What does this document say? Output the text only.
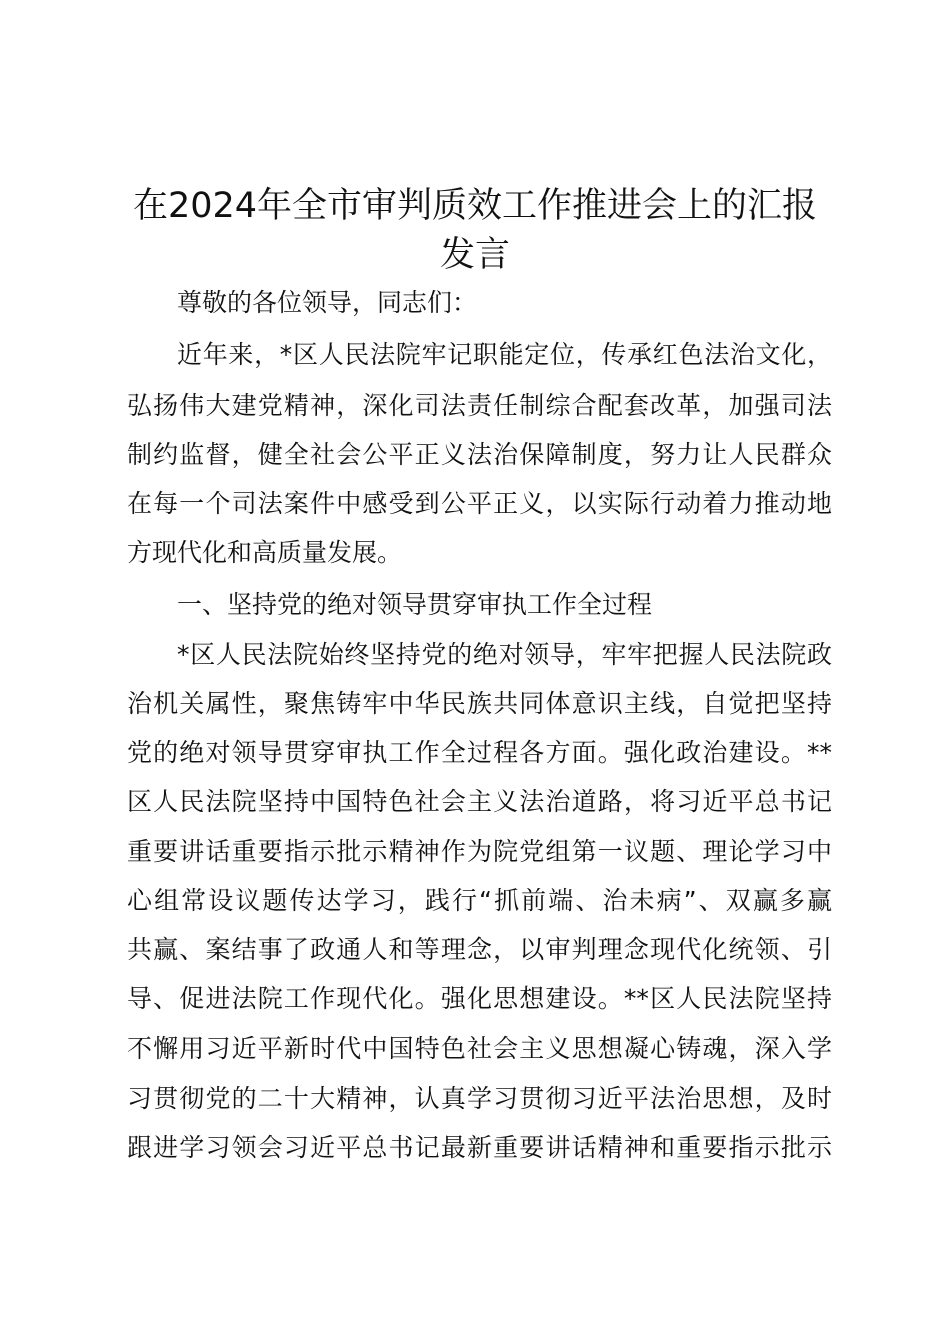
在2024年全市审判质效工作推进会上的汇报
发言

尊敬的各位领导，同志们：

近年来，*区人民法院牢记职能定位，传承红色法治文化，

弘扬伟大建党精神，深化司法责任制综合配套改革，加强司法

制约监督，健全社会公平正义法治保障制度，努力让人民群众

在每一个司法案件中感受到公平正义，以实际行动着力推动地

方现代化和高质量发展。

一、坚持党的绝对领导贯穿审执工作全过程

*区人民法院始终坚持党的绝对领导，牢牢把握人民法院政

治机关属性，聚焦铸牢中华民族共同体意识主线，自觉把坚持

党的绝对领导贯穿审执工作全过程各方面。强化政治建设。**

区人民法院坚持中国特色社会主义法治道路，将习近平总书记

重要讲话重要指示批示精神作为院党组第一议题、理论学习中

心组常设议题传达学习，践行“抓前端、治未病”、双赢多赢

共赢、案结事了政通人和等理念，以审判理念现代化统领、引

导、促进法院工作现代化。强化思想建设。**区人民法院坚持

不懈用习近平新时代中国特色社会主义思想凝心铸魂，深入学

习贯彻党的二十大精神，认真学习贯彻习近平法治思想，及时

跟进学习领会习近平总书记最新重要讲话精神和重要指示批示
